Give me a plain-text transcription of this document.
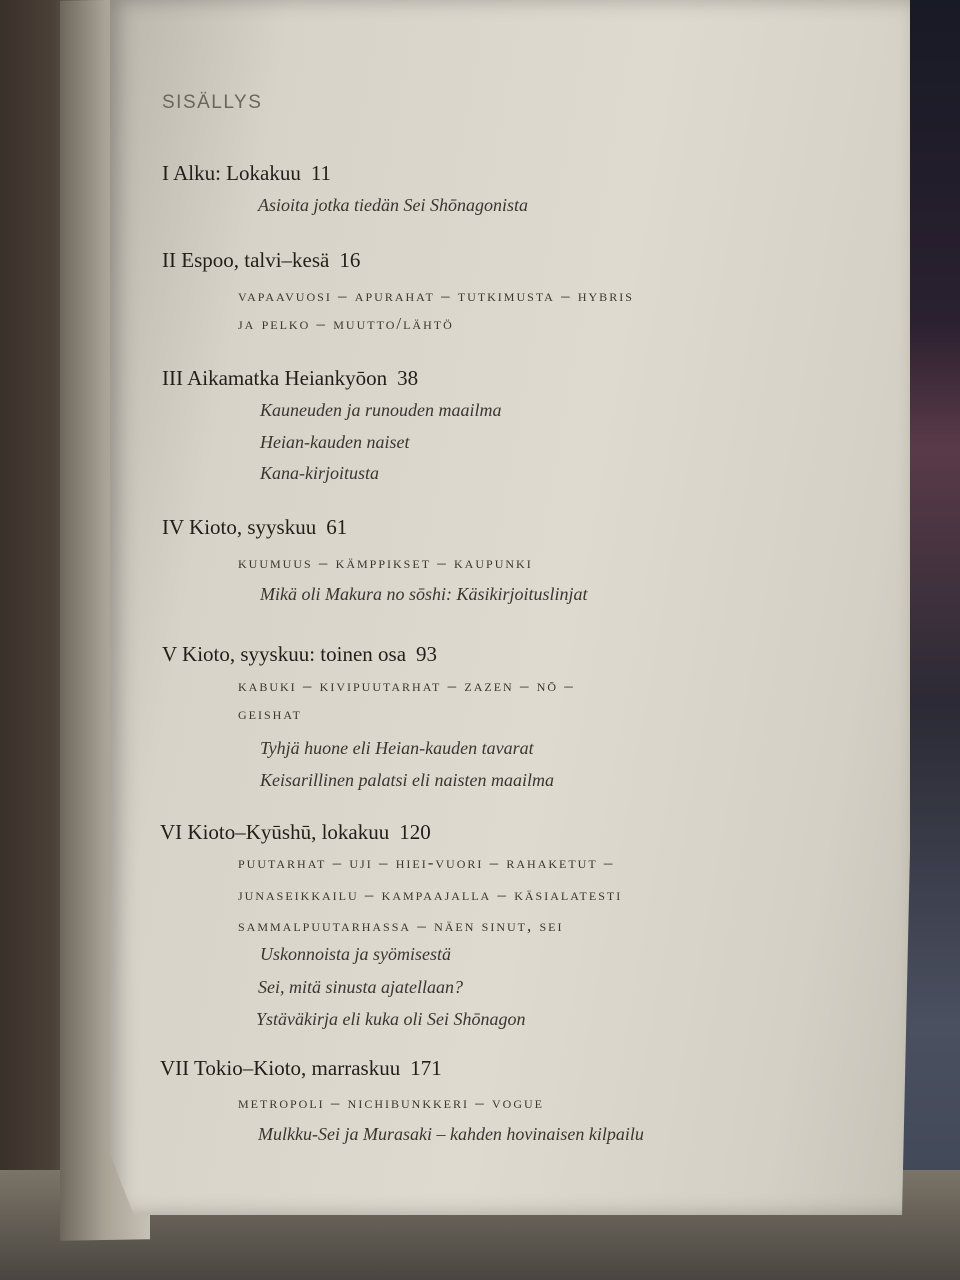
SISÄLLYS
I Alku: Lokakuu 11
Asioita jotka tiedän Sei Shōnagonista
II Espoo, talvi–kesä 16
vapaavuosi – apurahat – tutkimusta – hybris
ja pelko – muutto/lähtö
III Aikamatka Heiankyōon 38
Kauneuden ja runouden maailma
Heian-kauden naiset
Kana-kirjoitusta
IV Kioto, syyskuu 61
kuumuus – kämppikset – kaupunki
Mikä oli Makura no sōshi: Käsikirjoituslinjat
V Kioto, syyskuu: toinen osa 93
kabuki – kivipuutarhat – zazen – nō –
geishat
Tyhjä huone eli Heian-kauden tavarat
Keisarillinen palatsi eli naisten maailma
VI Kioto–Kyūshū, lokakuu 120
puutarhat – uji – hiei-vuori – rahaketut –
junaseikkailu – kampaajalla – käsialatesti
sammalpuutarhassa – näen sinut, sei
Uskonnoista ja syömisestä
Sei, mitä sinusta ajatellaan?
Ystäväkirja eli kuka oli Sei Shōnagon
VII Tokio–Kioto, marraskuu 171
metropoli – nichibunkkeri – vogue
Mulkku-Sei ja Murasaki – kahden hovinaisen kilpailu
